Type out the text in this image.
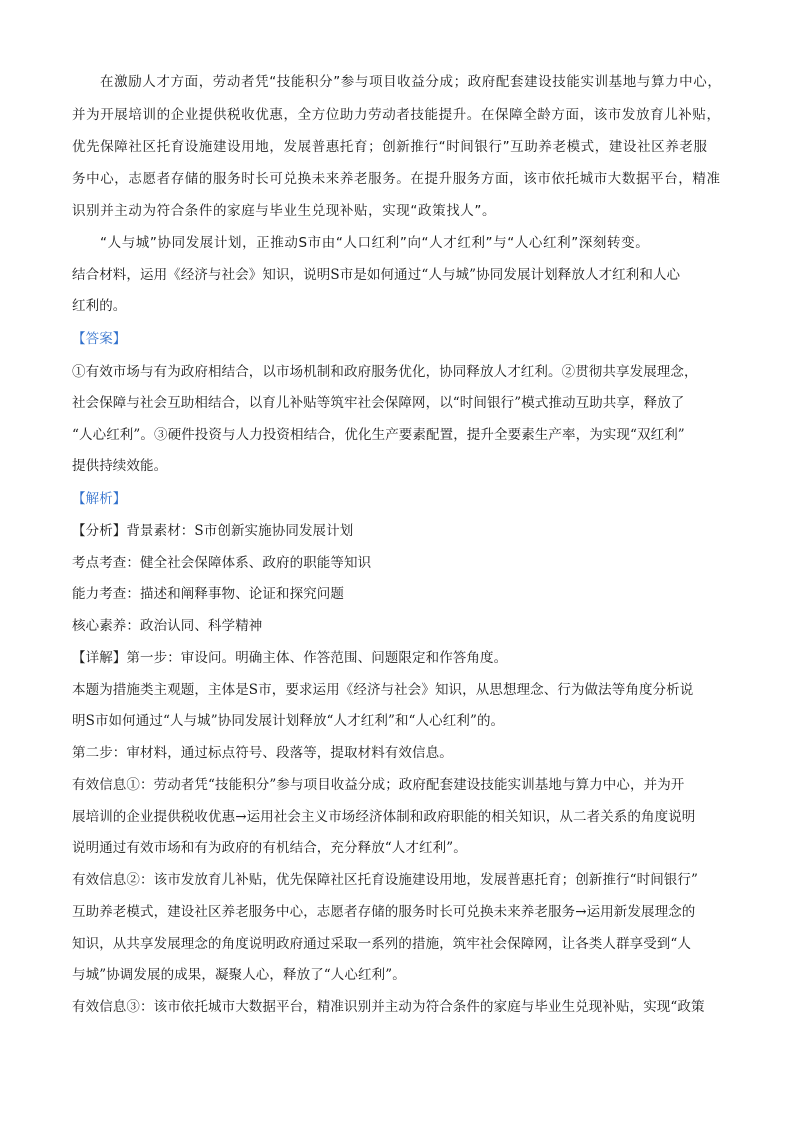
在激励人才方面，劳动者凭“技能积分”参与项目收益分成；政府配套建设技能实训基地与算力中心，
并为开展培训的企业提供税收优惠，全方位助力劳动者技能提升。在保障全龄方面，该市发放育儿补贴，
优先保障社区托育设施建设用地，发展普惠托育；创新推行“时间银行”互助养老模式，建设社区养老服
务中心，志愿者存储的服务时长可兑换未来养老服务。在提升服务方面，该市依托城市大数据平台，精准
识别并主动为符合条件的家庭与毕业生兑现补贴，实现“政策找人”。
“人与城”协同发展计划，正推动S市由“人口红利”向“人才红利”与“人心红利”深刻转变。
结合材料，运用《经济与社会》知识，说明S市是如何通过“人与城”协同发展计划释放人才红利和人心
红利的。
【答案】
①有效市场与有为政府相结合，以市场机制和政府服务优化，协同释放人才红利。②贯彻共享发展理念，
社会保障与社会互助相结合，以育儿补贴等筑牢社会保障网，以“时间银行”模式推动互助共享，释放了
“人心红利”。③硬件投资与人力投资相结合，优化生产要素配置，提升全要素生产率，为实现“双红利”
提供持续效能。
【解析】
【分析】背景素材：S市创新实施协同发展计划
考点考查：健全社会保障体系、政府的职能等知识
能力考查：描述和阐释事物、论证和探究问题
核心素养：政治认同、科学精神
【详解】第一步：审设问。明确主体、作答范围、问题限定和作答角度。
本题为措施类主观题，主体是S市，要求运用《经济与社会》知识，从思想理念、行为做法等角度分析说
明S市如何通过“人与城”协同发展计划释放“人才红利”和“人心红利”的。
第二步：审材料，通过标点符号、段落等，提取材料有效信息。
有效信息①：劳动者凭“技能积分”参与项目收益分成；政府配套建设技能实训基地与算力中心，并为开
展培训的企业提供税收优惠→运用社会主义市场经济体制和政府职能的相关知识，从二者关系的角度说明
说明通过有效市场和有为政府的有机结合，充分释放“人才红利”。
有效信息②：该市发放育儿补贴，优先保障社区托育设施建设用地，发展普惠托育；创新推行“时间银行”
互助养老模式，建设社区养老服务中心，志愿者存储的服务时长可兑换未来养老服务→运用新发展理念的
知识，从共享发展理念的角度说明政府通过采取一系列的措施，筑牢社会保障网，让各类人群享受到“人
与城”协调发展的成果，凝聚人心，释放了“人心红利”。
有效信息③：该市依托城市大数据平台，精准识别并主动为符合条件的家庭与毕业生兑现补贴，实现“政策
